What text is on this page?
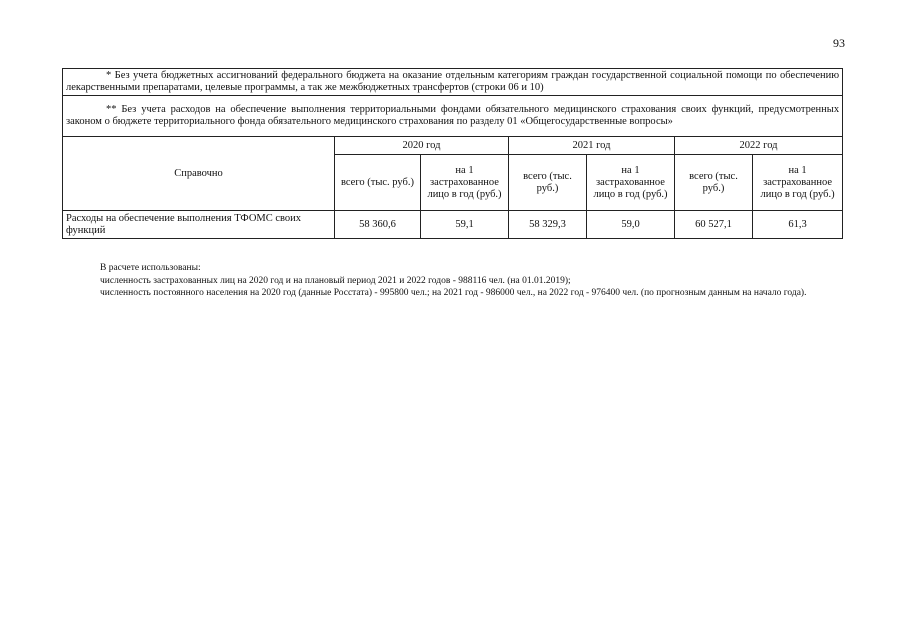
93
* Без учета бюджетных ассигнований федерального бюджета на оказание отдельным категориям граждан государственной социальной помощи по обеспечению лекарственными препаратами, целевые программы, а так же межбюджетных трансфертов (строки 06 и 10)						
** Без учета расходов на обеспечение выполнения территориальными фондами обязательного медицинского страхования своих функций, предусмотренных законом о бюджете территориального фонда обязательного медицинского страхования по разделу 01 «Общегосударственные вопросы»						
Справочно	2020 год		2021 год		2022 год	
	всего (тыс. руб.)	на 1 застрахованное лицо в год (руб.)	всего (тыс. руб.)	на 1 застрахованное лицо в год (руб.)	всего (тыс. руб.)	на 1 застрахованное лицо в год (руб.)
Расходы на обеспечение выполнения ТФОМС своих функций	58 360,6	59,1	58 329,3	59,0	60 527,1	61,3

В расчете использованы:

численность застрахованных лиц на 2020 год и на плановый период 2021 и 2022 годов - 988116 чел. (на 01.01.2019);

численность постоянного населения на 2020 год (данные Росстата) - 995800 чел.; на 2021 год - 986000 чел., на 2022 год - 976400 чел. (по прогнозным данным на начало года).
